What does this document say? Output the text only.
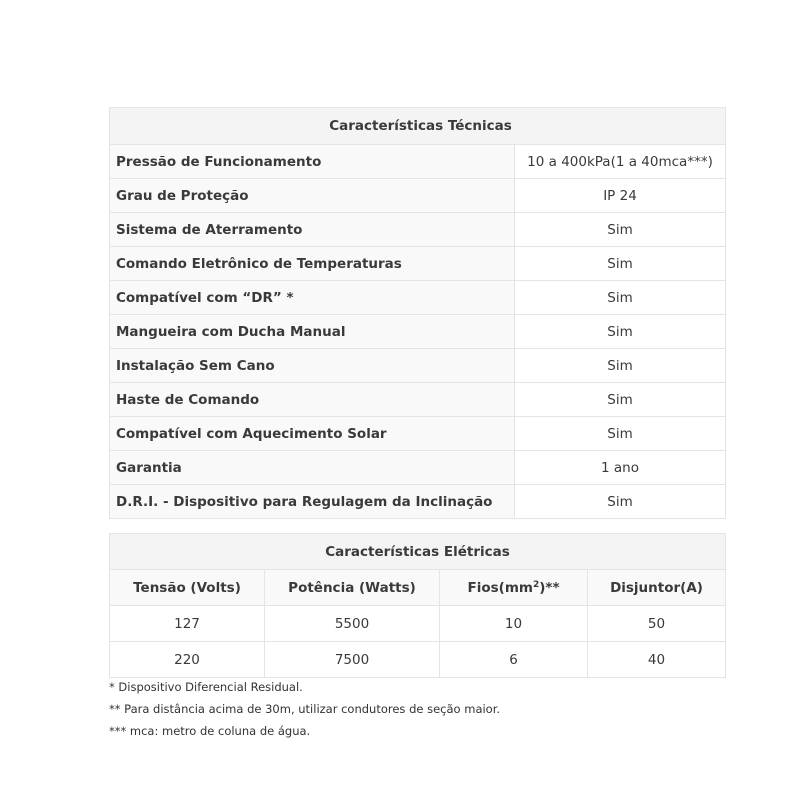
Características Técnicas	
Pressão de Funcionamento	10 a 400kPa(1 a 40mca***)
Grau de Proteção	IP 24
Sistema de Aterramento	Sim
Comando Eletrônico de Temperaturas	Sim
Compatível com “DR” *	Sim
Mangueira com Ducha Manual	Sim
Instalação Sem Cano	Sim
Haste de Comando	Sim
Compatível com Aquecimento Solar	Sim
Garantia	1 ano
D.R.I. - Dispositivo para Regulagem da Inclinação	Sim
Características Elétricas			
Tensão (Volts)	Potência (Watts)	$Fios(mm^2)**$	Disjuntor(A)
127	5500	10	50
220	7500	6	40
* Dispositivo Diferencial Residual.
** Para distância acima de 30m, utilizar condutores de seção maior.
*** mca: metro de coluna de água.
